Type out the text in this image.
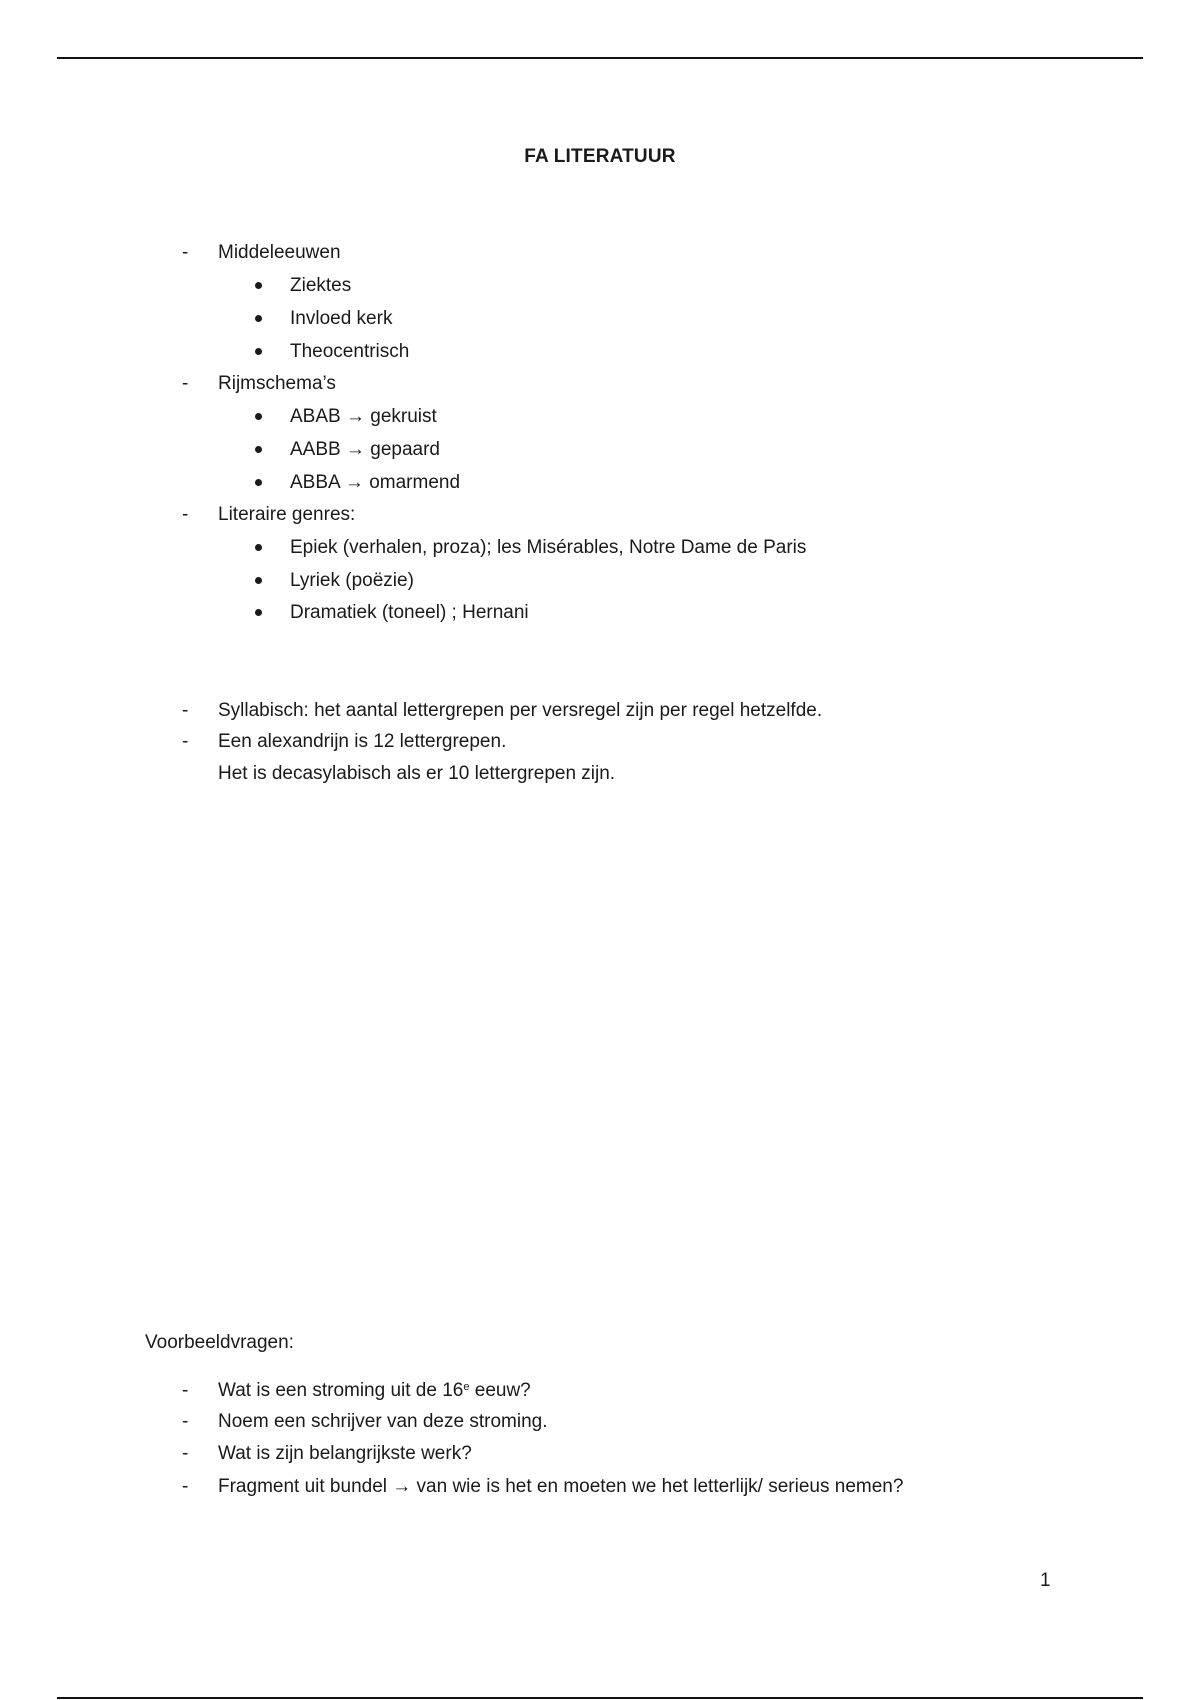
FA LITERATUUR
- Middeleeuwen
Ziektes
Invloed kerk
Theocentrisch
- Rijmschema’s
ABAB → gekruist
AABB → gepaard
ABBA → omarmend
- Literaire genres:
Epiek (verhalen, proza); les Misérables, Notre Dame de Paris
Lyriek (poëzie)
Dramatiek (toneel) ; Hernani
- Syllabisch: het aantal lettergrepen per versregel zijn per regel hetzelfde.
- Een alexandrijn is 12 lettergrepen.
Het is decasylabisch als er 10 lettergrepen zijn.
Voorbeeldvragen:
- Wat is een stroming uit de 16e eeuw?
- Noem een schrijver van deze stroming.
- Wat is zijn belangrijkste werk?
- Fragment uit bundel → van wie is het en moeten we het letterlijk/ serieus nemen?
1
